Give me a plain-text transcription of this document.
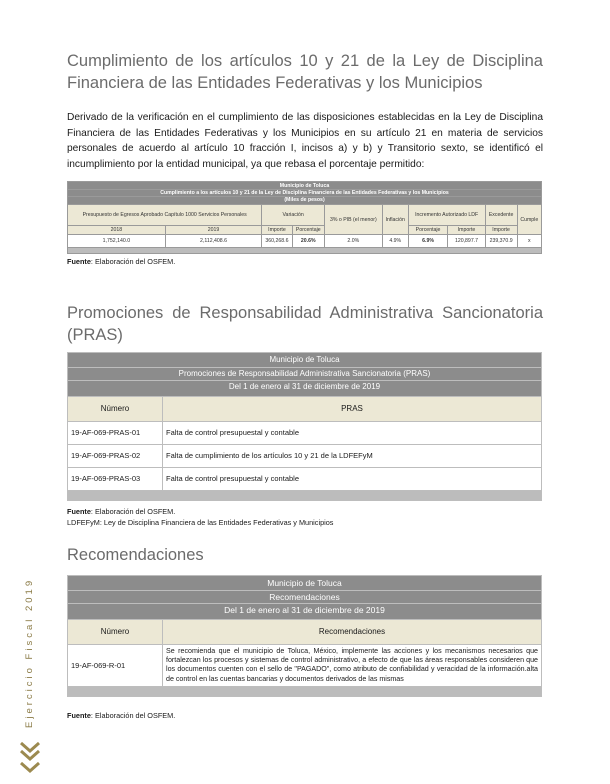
Cumplimiento de los artículos 10 y 21 de la Ley de Disciplina Financiera de las Entidades Federativas y los Municipios

Derivado de la verificación en el cumplimiento de las disposiciones establecidas en la Ley de Disciplina Financiera de las Entidades Federativas y los Municipios en su artículo 21 en materia de servicios personales de acuerdo al artículo 10 fracción I, incisos a) y b) y Transitorio sexto, se identificó el incumplimiento por la entidad municipal, ya que rebasa el porcentaje permitido:

Municipio de Toluca									
Cumplimiento a los artículos 10 y 21 de la Ley de Disciplina Financiera de las Entidades Federativas y los Municipios									
(Miles de pesos)									
Presupuesto de Egresos Aprobado Capítulo 1000 Servicios Personales		Variación		3% o PIB (el menor)	Inflación	Incremento Autorizado LDF		Excedente	Cumple
2018	2019	Importe	Porcentaje			Porcentaje	Importe	Importe	
1,752,140.0	2,112,408.6	360,268.6	20.6%	2.0%	4.9%	6.9%	120,897.7	239,370.9	x

Fuente: Elaboración del OSFEM.
Promociones de Responsabilidad Administrativa Sancionatoria (PRAS)
Municipio de Toluca	
Promociones de Responsabilidad Administrativa Sancionatoria (PRAS)	
Del 1 de enero al 31 de diciembre de 2019	
Número	PRAS
19-AF-069-PRAS-01	Falta de control presupuestal y contable
19-AF-069-PRAS-02	Falta de cumplimiento de los artículos 10 y 21 de la LDFEFyM
19-AF-069-PRAS-03	Falta de control presupuestal y contable

Fuente: Elaboración del OSFEM.
LDFEFyM: Ley de Disciplina Financiera de las Entidades Federativas y Municipios
Recomendaciones
Municipio de Toluca	
Recomendaciones	
Del 1 de enero al 31 de diciembre de 2019	
Número	Recomendaciones
19-AF-069-R-01	Se recomienda que el municipio de Toluca, México, implemente las acciones y los mecanismos necesarios que fortalezcan los procesos y sistemas de control administrativo, a efecto de que las áreas responsables consideren que los documentos cuenten con el sello de "PAGADO", como atributo de confiabilidad y veracidad de la información.alta de control en las cuentas bancarias y documentos derivados de las mismas

Fuente: Elaboración del OSFEM.
Ejercicio Fiscal 2019
